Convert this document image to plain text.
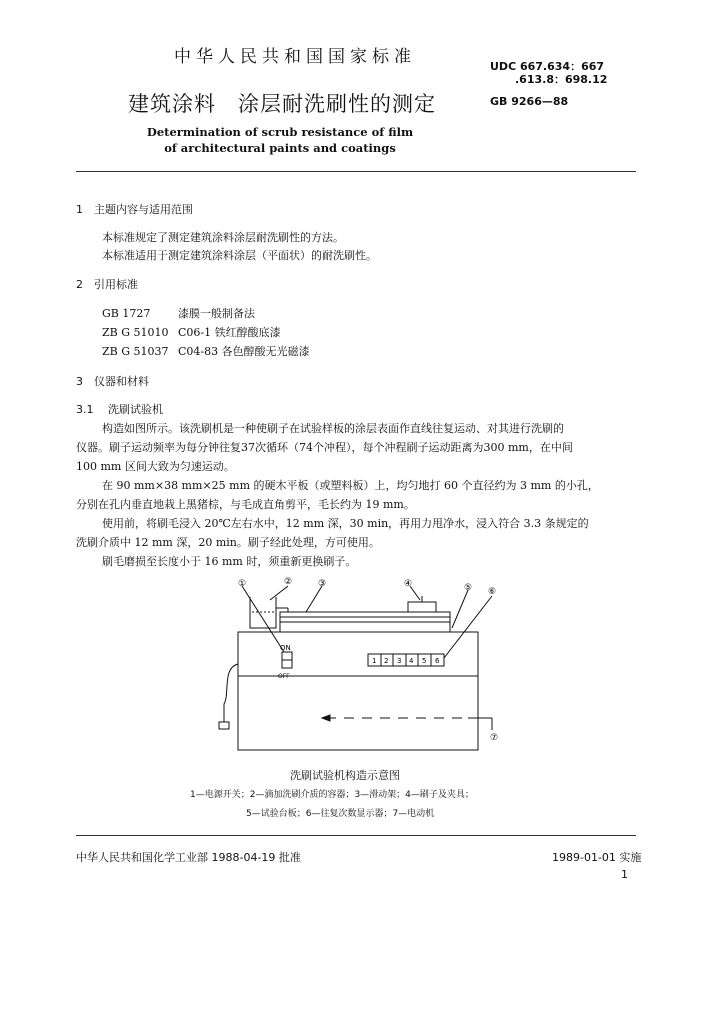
中华人民共和国国家标准	UDC 667.634：667
.613.8：698.12
建筑涂料　涂层耐洗刷性的测定	GB 9266—88
Determination of scrub resistance of film
of architectural paints and coatings
1 主题内容与适用范围
本标准规定了测定建筑涂料涂层耐洗刷性的方法。
本标准适用于测定建筑涂料涂层（平面状）的耐洗刷性。
2 引用标准
GB 1727	漆膜一般制备法
ZB G 51010 C06-1 铁红醇酸底漆
ZB G 51037 C04-83 各色醇酸无光磁漆
3 仪器和材料
3.1 洗刷试验机
构造如图所示。该洗刷机是一种使刷子在试验样板的涂层表面作直线往复运动、对其进行洗刷的
仪器。刷子运动频率为每分钟往复37次循环（74个冲程），每个冲程刷子运动距离为300 mm，在中间
100 mm 区间大致为匀速运动。
在 90 mm×38 mm×25 mm 的硬木平板（或塑料板）上，均匀地打 60 个直径约为 3 mm 的小孔，
分别在孔内垂直地栽上黑猪棕，与毛成直角剪平，毛长约为 19 mm。
使用前，将刷毛浸入 20℃左右水中，12 mm 深，30 min，再用力甩净水，浸入符合 3.3 条规定的
洗刷介质中 12 mm 深，20 min。刷子经此处理，方可使用。
刷毛磨损至长度小于 16 mm 时，须重新更换刷子。
①	②	③	④	⑤ ⑥
⑦
ON
OFF
1 2 3 4 5 6
洗刷试验机构造示意图
1—电源开关；2—滴加洗刷介质的容器；3—滑动架；4—刷子及夹具；
5—试验台板；6—往复次数显示器；7—电动机
中华人民共和国化学工业部 1988-04-19 批准	1989-01-01 实施
1
